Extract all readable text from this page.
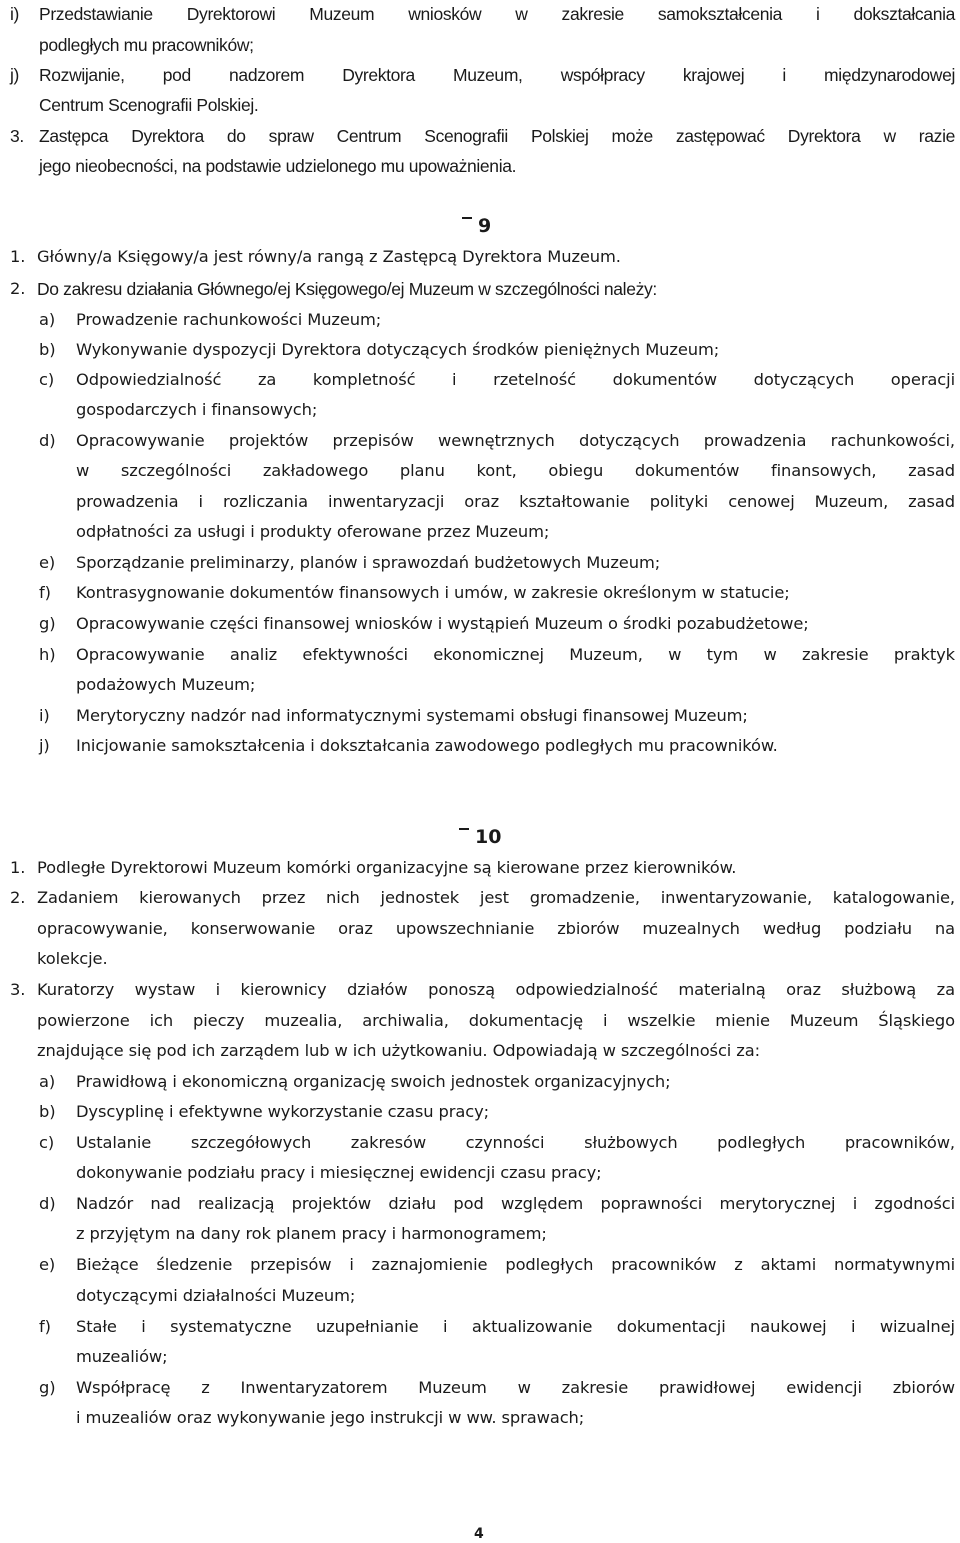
i) Przedstawianie Dyrektorowi Muzeum wniosków w zakresie samokształcenia i dokształcania
podległych mu pracowników;
j) Rozwijanie, pod nadzorem Dyrektora Muzeum, współpracy krajowej i międzynarodowej
Centrum Scenografii Polskiej.
3. Zastępca Dyrektora do spraw Centrum Scenografii Polskiej może zastępować Dyrektora w razie
jego nieobecności, na podstawie udzielonego mu upoważnienia.
9
1. Główny/a Księgowy/a jest równy/a rangą z Zastępcą Dyrektora Muzeum.
2. Do zakresu działania Głównego/ej Księgowego/ej Muzeum w szczególności należy:
a) Prowadzenie rachunkowości Muzeum;
b) Wykonywanie dyspozycji Dyrektora dotyczących środków pieniężnych Muzeum;
c) Odpowiedzialność za kompletność i rzetelność dokumentów dotyczących operacji
gospodarczych i finansowych;
d) Opracowywanie projektów przepisów wewnętrznych dotyczących prowadzenia rachunkowości,
w szczególności zakładowego planu kont, obiegu dokumentów finansowych, zasad
prowadzenia i rozliczania inwentaryzacji oraz kształtowanie polityki cenowej Muzeum, zasad
odpłatności za usługi i produkty oferowane przez Muzeum;
e) Sporządzanie preliminarzy, planów i sprawozdań budżetowych Muzeum;
f) Kontrasygnowanie dokumentów finansowych i umów, w zakresie określonym w statucie;
g) Opracowywanie części finansowej wniosków i wystąpień Muzeum o środki pozabudżetowe;
h) Opracowywanie analiz efektywności ekonomicznej Muzeum, w tym w zakresie praktyk
podażowych Muzeum;
i) Merytoryczny nadzór nad informatycznymi systemami obsługi finansowej Muzeum;
j) Inicjowanie samokształcenia i dokształcania zawodowego podległych mu pracowników.
10
1. Podległe Dyrektorowi Muzeum komórki organizacyjne są kierowane przez kierowników.
2. Zadaniem kierowanych przez nich jednostek jest gromadzenie, inwentaryzowanie, katalogowanie,
opracowywanie, konserwowanie oraz upowszechnianie zbiorów muzealnych według podziału na
kolekcje.
3. Kuratorzy wystaw i kierownicy działów ponoszą odpowiedzialność materialną oraz służbową za
powierzone ich pieczy muzealia, archiwalia, dokumentację i wszelkie mienie Muzeum Śląskiego
znajdujące się pod ich zarządem lub w ich użytkowaniu. Odpowiadają w szczególności za:
a) Prawidłową i ekonomiczną organizację swoich jednostek organizacyjnych;
b) Dyscyplinę i efektywne wykorzystanie czasu pracy;
c) Ustalanie szczegółowych zakresów czynności służbowych podległych pracowników,
dokonywanie podziału pracy i miesięcznej ewidencji czasu pracy;
d) Nadzór nad realizacją projektów działu pod względem poprawności merytorycznej i zgodności
z przyjętym na dany rok planem pracy i harmonogramem;
e) Bieżące śledzenie przepisów i zaznajomienie podległych pracowników z aktami normatywnymi
dotyczącymi działalności Muzeum;
f) Stałe i systematyczne uzupełnianie i aktualizowanie dokumentacji naukowej i wizualnej
muzealiów;
g) Współpracę z Inwentaryzatorem Muzeum w zakresie prawidłowej ewidencji zbiorów
i muzealiów oraz wykonywanie jego instrukcji w ww. sprawach;
4
